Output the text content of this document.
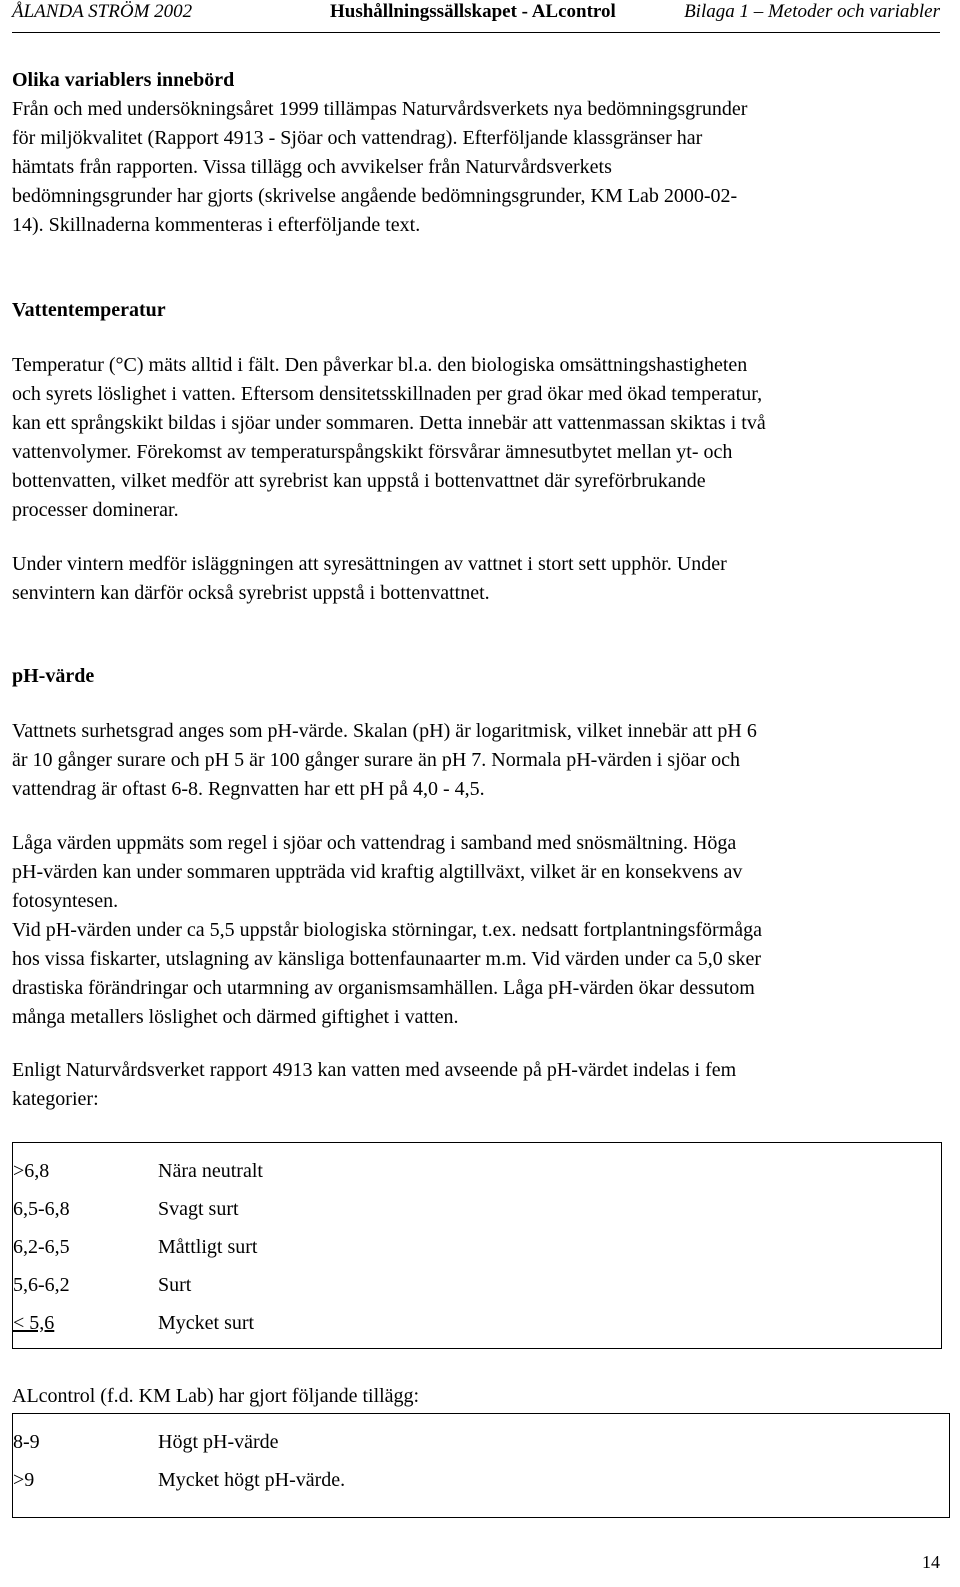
ÅLANDA STRÖM 2002	Hushållningssällskapet - ALcontrol	Bilaga 1 – Metoder och variabler

Olika variablers innebörd

Från och med undersökningsåret 1999 tillämpas Naturvårdsverkets nya bedömningsgrunder

för miljökvalitet (Rapport 4913 - Sjöar och vattendrag). Efterföljande klassgränser har

hämtats från rapporten. Vissa tillägg och avvikelser från Naturvårdsverkets

bedömningsgrunder har gjorts (skrivelse angående bedömningsgrunder, KM Lab 2000-02-

14). Skillnaderna kommenteras i efterföljande text.

Vattentemperatur

Temperatur (°C) mäts alltid i fält. Den påverkar bl.a. den biologiska omsättningshastigheten

och syrets löslighet i vatten. Eftersom densitetsskillnaden per grad ökar med ökad temperatur,

kan ett språngskikt bildas i sjöar under sommaren. Detta innebär att vattenmassan skiktas i två

vattenvolymer. Förekomst av temperaturspångskikt försvårar ämnesutbytet mellan yt- och

bottenvatten, vilket medför att syrebrist kan uppstå i bottenvattnet där syreförbrukande

processer dominerar.

Under vintern medför isläggningen att syresättningen av vattnet i stort sett upphör. Under

senvintern kan därför också syrebrist uppstå i bottenvattnet.

pH-värde

Vattnets surhetsgrad anges som pH-värde. Skalan (pH) är logaritmisk, vilket innebär att pH 6

är 10 gånger surare och pH 5 är 100 gånger surare än pH 7. Normala pH-värden i sjöar och

vattendrag är oftast 6-8. Regnvatten har ett pH på 4,0 - 4,5.

Låga värden uppmäts som regel i sjöar och vattendrag i samband med snösmältning. Höga

pH-värden kan under sommaren uppträda vid kraftig algtillväxt, vilket är en konsekvens av

fotosyntesen.

Vid pH-värden under ca 5,5 uppstår biologiska störningar, t.ex. nedsatt fortplantningsförmåga

hos vissa fiskarter, utslagning av känsliga bottenfaunaarter m.m. Vid värden under ca 5,0 sker

drastiska förändringar och utarmning av organismsamhällen. Låga pH-värden ökar dessutom

många metallers löslighet och därmed giftighet i vatten.

Enligt Naturvårdsverket rapport 4913 kan vatten med avseende på pH-värdet indelas i fem

kategorier:

>6,8	Nära neutralt
6,5-6,8	Svagt surt
6,2-6,5	Måttligt surt
5,6-6,2	Surt
< 5,6	Mycket surt

ALcontrol (f.d. KM Lab) har gjort följande tillägg:

8-9	Högt pH-värde
>9	Mycket högt pH-värde.
14
